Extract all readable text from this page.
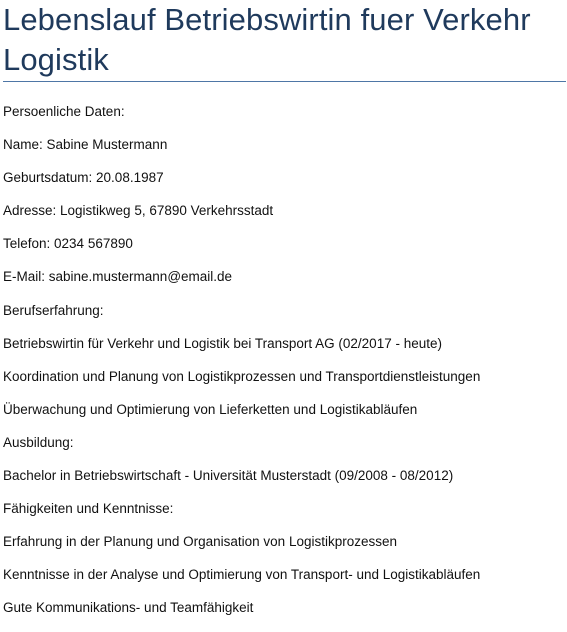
Lebenslauf Betriebswirtin fuer Verkehr Logistik
Persoenliche Daten:
Name: Sabine Mustermann
Geburtsdatum: 20.08.1987
Adresse: Logistikweg 5, 67890 Verkehrsstadt
Telefon: 0234 567890
E-Mail: sabine.mustermann@email.de
Berufserfahrung:
Betriebswirtin für Verkehr und Logistik bei Transport AG (02/2017 - heute)
Koordination und Planung von Logistikprozessen und Transportdienstleistungen
Überwachung und Optimierung von Lieferketten und Logistikabläufen
Ausbildung:
Bachelor in Betriebswirtschaft - Universität Musterstadt (09/2008 - 08/2012)
Fähigkeiten und Kenntnisse:
Erfahrung in der Planung und Organisation von Logistikprozessen
Kenntnisse in der Analyse und Optimierung von Transport- und Logistikabläufen
Gute Kommunikations- und Teamfähigkeit
